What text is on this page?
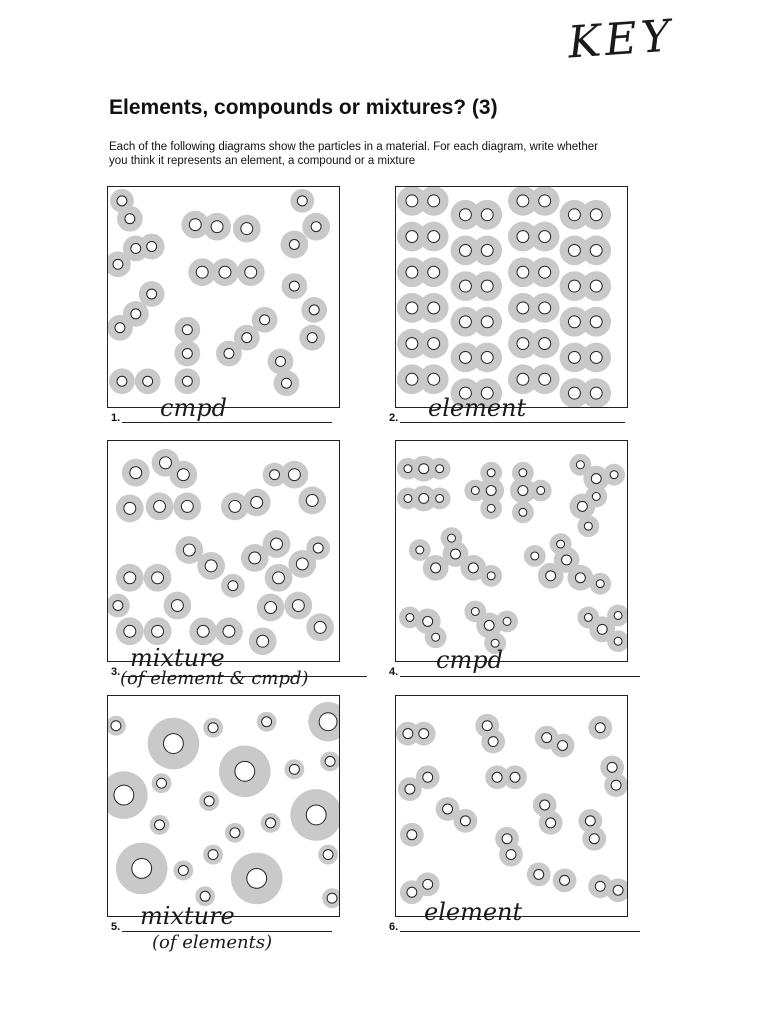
KEY
Elements, compounds or mixtures? (3)

Each of the following diagrams show the particles in a material. For each diagram, write whether you think it represents an element, a compound or a mixture

1. cmpd	2. element
3. mixture
(of element & cmpd)	4. cmpd
5. mixture
(of elements)
6.
element
